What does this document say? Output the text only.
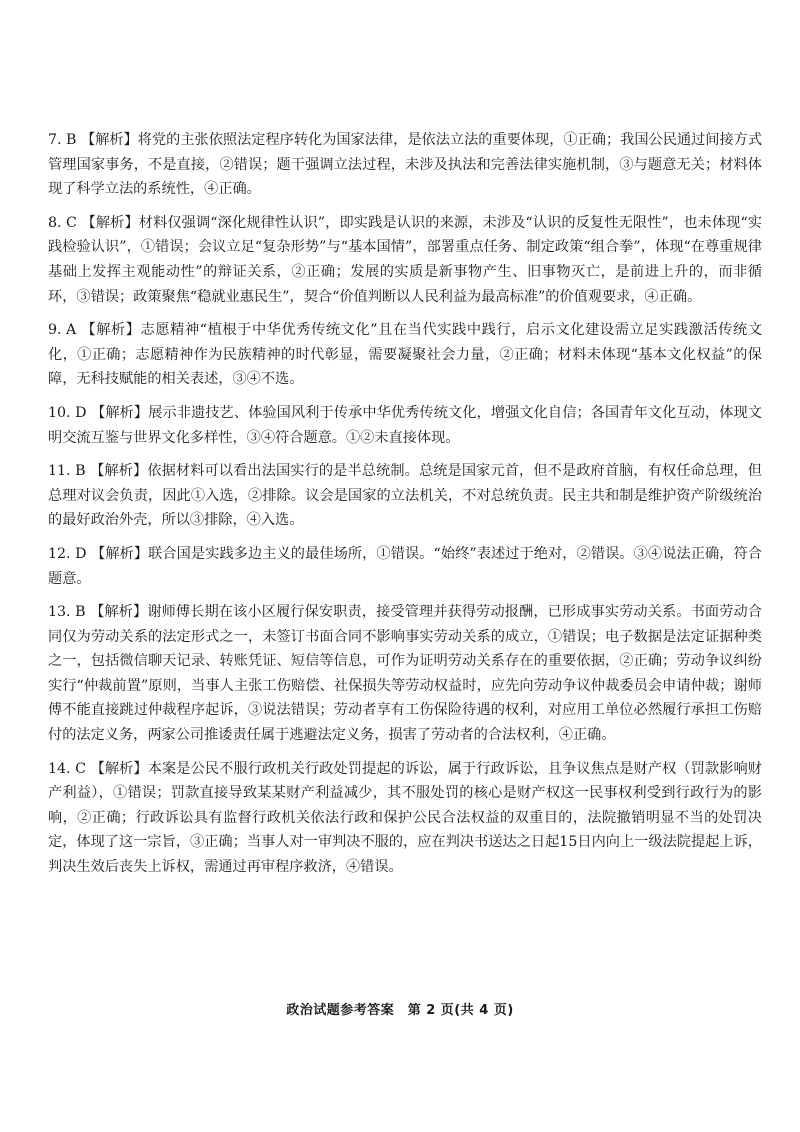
7. B 【解析】将党的主张依照法定程序转化为国家法律，是依法立法的重要体现，①正确；我国公民通过间接方式管理国家事务，不是直接，②错误；题干强调立法过程，未涉及执法和完善法律实施机制，③与题意无关；材料体现了科学立法的系统性，④正确。
8. C 【解析】材料仅强调“深化规律性认识”，即实践是认识的来源，未涉及“认识的反复性无限性”，也未体现“实践检验认识”，①错误；会议立足“复杂形势”与“基本国情”，部署重点任务、制定政策“组合拳”，体现“在尊重规律基础上发挥主观能动性”的辩证关系，②正确；发展的实质是新事物产生、旧事物灭亡，是前进上升的，而非循环，③错误；政策聚焦“稳就业惠民生”，契合“价值判断以人民利益为最高标准”的价值观要求，④正确。
9. A 【解析】志愿精神“植根于中华优秀传统文化”且在当代实践中践行，启示文化建设需立足实践激活传统文化，①正确；志愿精神作为民族精神的时代彰显，需要凝聚社会力量，②正确；材料未体现“基本文化权益”的保障，无科技赋能的相关表述，③④不选。
10. D 【解析】展示非遗技艺、体验国风利于传承中华优秀传统文化，增强文化自信；各国青年文化互动，体现文明交流互鉴与世界文化多样性，③④符合题意。①②未直接体现。
11. B 【解析】依据材料可以看出法国实行的是半总统制。总统是国家元首，但不是政府首脑，有权任命总理，但总理对议会负责，因此①入选，②排除。议会是国家的立法机关，不对总统负责。民主共和制是维护资产阶级统治的最好政治外壳，所以③排除，④入选。
12. D 【解析】联合国是实践多边主义的最佳场所，①错误。“始终”表述过于绝对，②错误。③④说法正确，符合题意。
13. B 【解析】谢师傅长期在该小区履行保安职责，接受管理并获得劳动报酬，已形成事实劳动关系。书面劳动合同仅为劳动关系的法定形式之一，未签订书面合同不影响事实劳动关系的成立，①错误；电子数据是法定证据种类之一，包括微信聊天记录、转账凭证、短信等信息，可作为证明劳动关系存在的重要依据，②正确；劳动争议纠纷实行“仲裁前置”原则，当事人主张工伤赔偿、社保损失等劳动权益时，应先向劳动争议仲裁委员会申请仲裁；谢师傅不能直接跳过仲裁程序起诉，③说法错误；劳动者享有工伤保险待遇的权利，对应用工单位必然履行承担工伤赔付的法定义务，两家公司推诿责任属于逃避法定义务，损害了劳动者的合法权利，④正确。
14. C 【解析】本案是公民不服行政机关行政处罚提起的诉讼，属于行政诉讼，且争议焦点是财产权（罚款影响财产利益），①错误；罚款直接导致某某财产利益减少，其不服处罚的核心是财产权这一民事权利受到行政行为的影响，②正确；行政诉讼具有监督行政机关依法行政和保护公民合法权益的双重目的，法院撤销明显不当的处罚决定，体现了这一宗旨，③正确；当事人对一审判决不服的，应在判决书送达之日起15日内向上一级法院提起上诉，判决生效后丧失上诉权，需通过再审程序救济，④错误。
政治试题参考答案　第 2 页(共 4 页)
